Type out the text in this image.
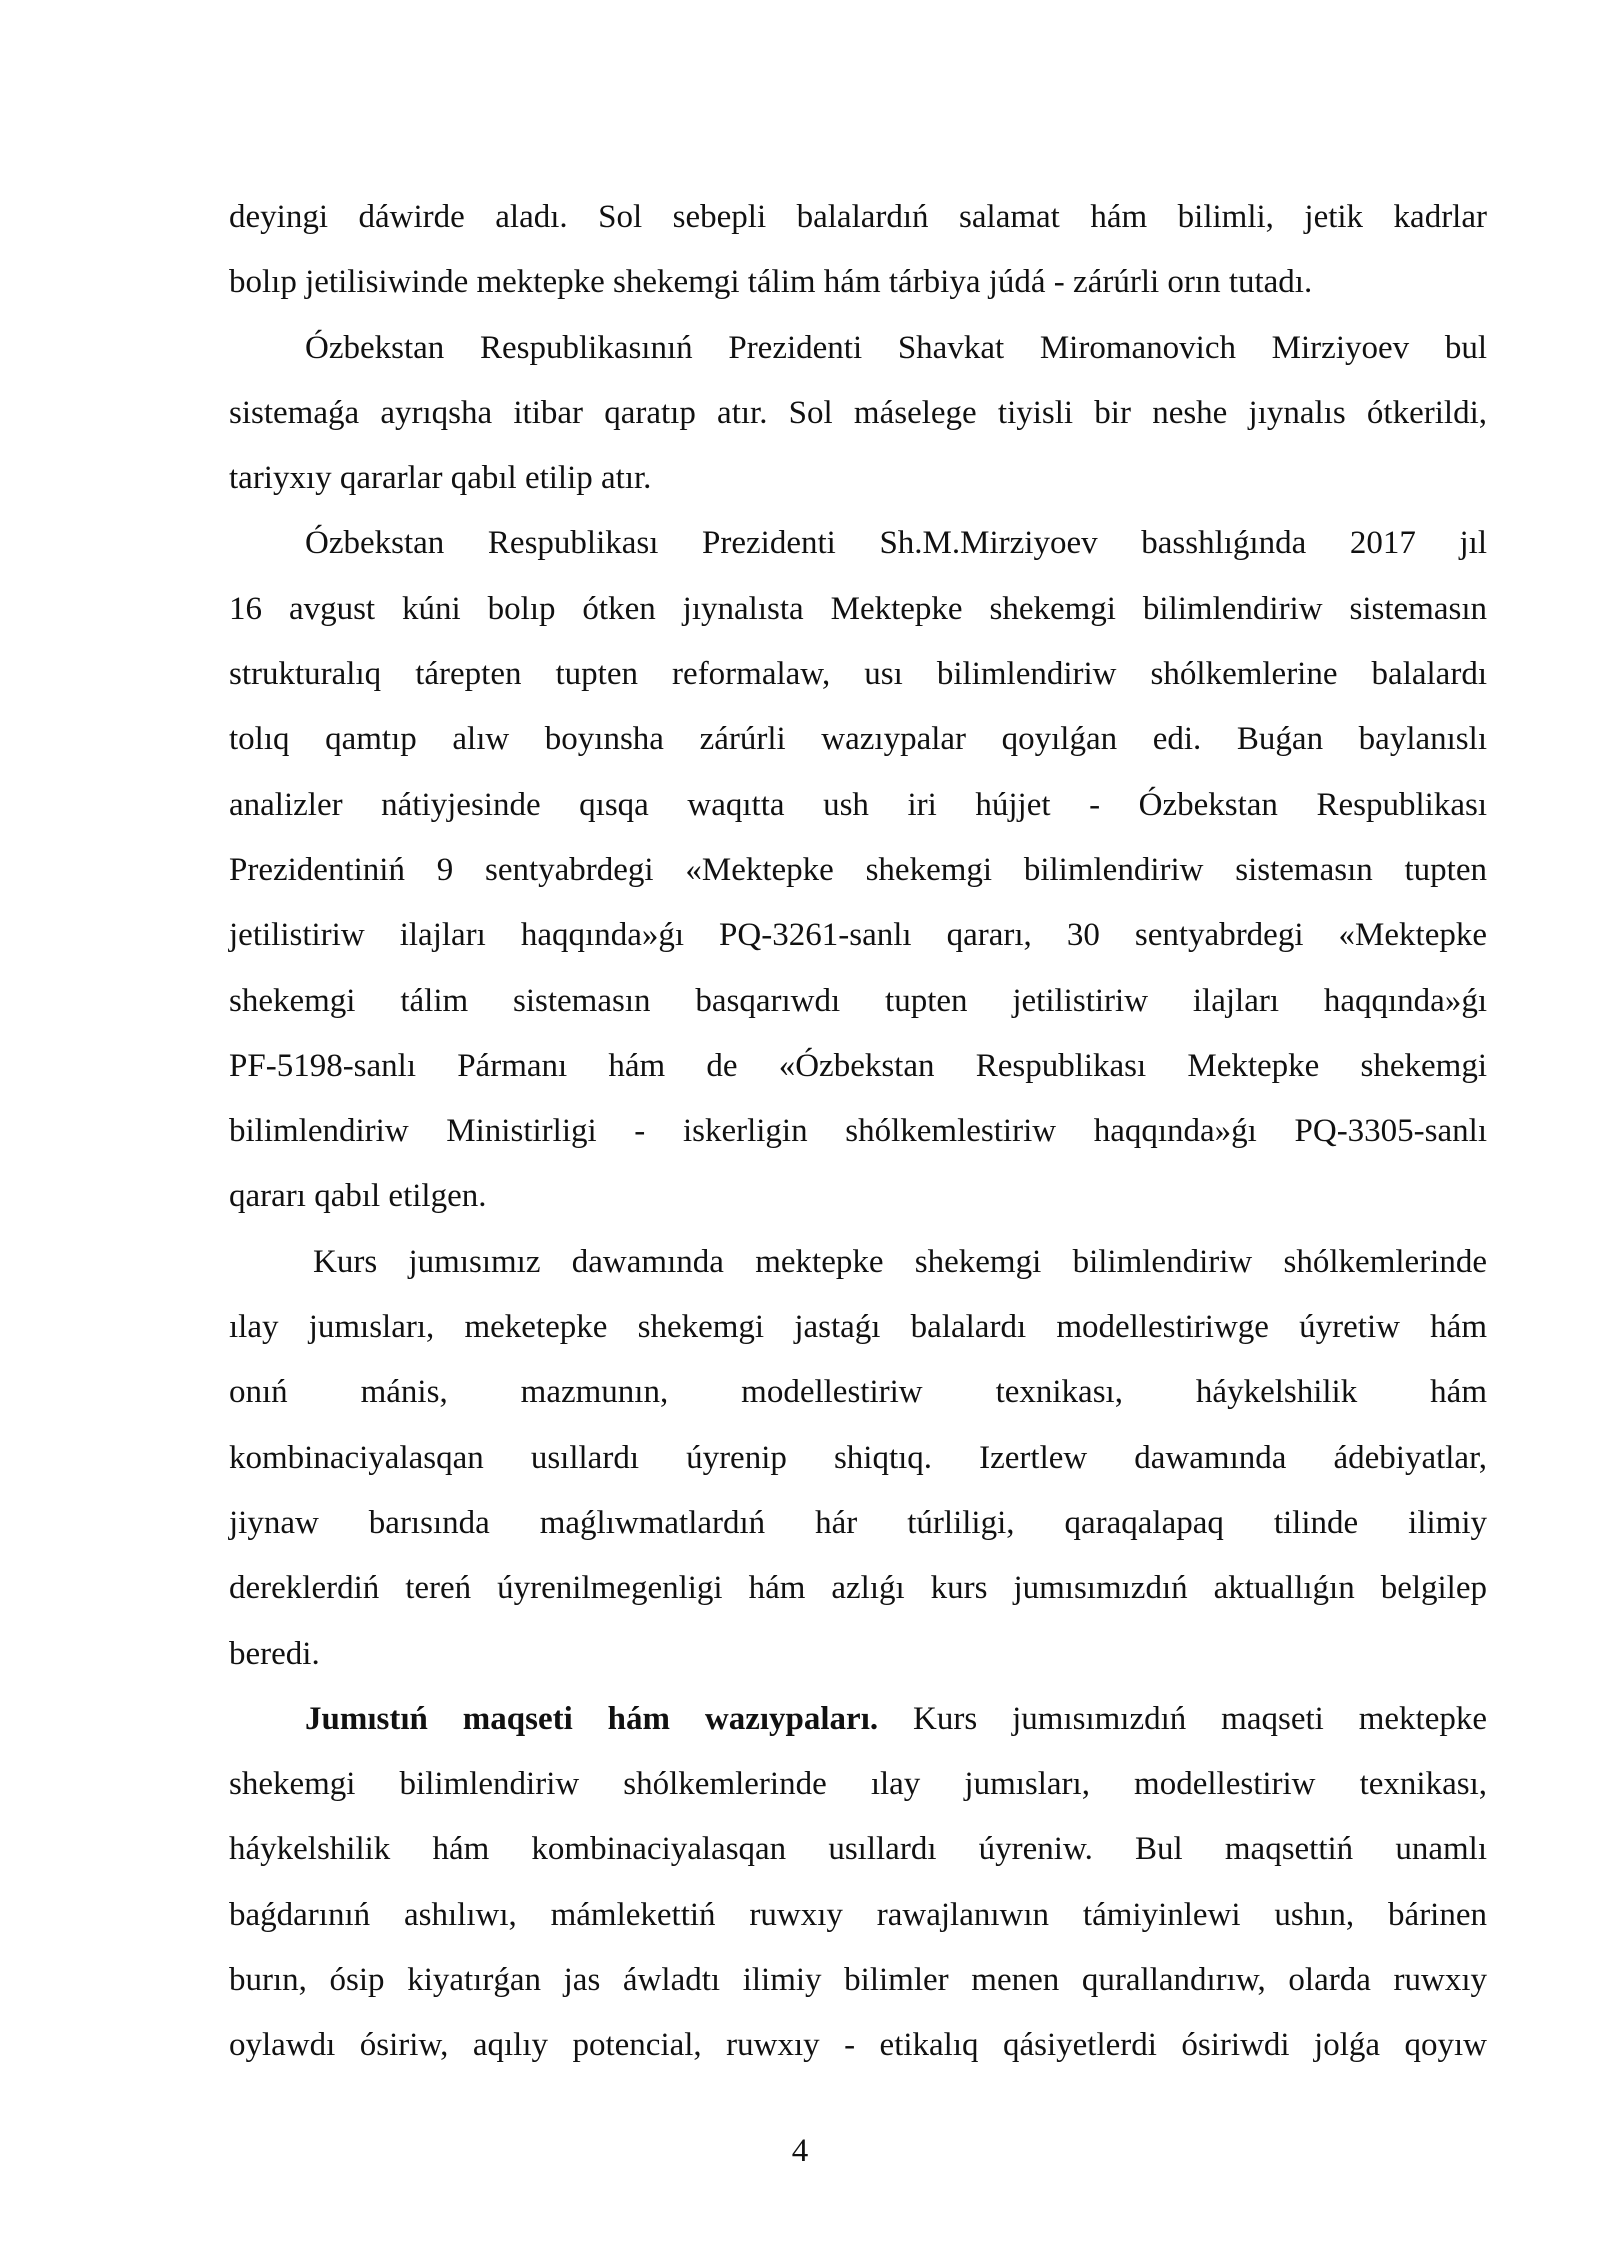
deyingi dáwirde aladı. Sol sebepli balalardıń salamat hám bilimli, jetik kadrlar
bolıp jetilisiwinde mektepke shekemgi tálim hám tárbiya júdá - zárúrli orın tutadı.

Ózbekstan Respublikasınıń Prezidenti Shavkat Miromanovich Mirziyoev bul
sistemaǵa ayrıqsha itibar qaratıp atır. Sol máselege tiyisli bir neshe jıynalıs ótkerildi,
tariyxıy qararlar qabıl etilip atır.

Ózbekstan Respublikası Prezidenti Sh.M.Mirziyoev basshlıǵında 2017 jıl
16 avgust kúni bolıp ótken jıynalısta Mektepke shekemgi bilimlendiriw sistemasın
strukturalıq tárepten tupten reformalaw, usı bilimlendiriw shólkemlerine balalardı
tolıq qamtıp alıw boyınsha zárúrli wazıypalar qoyılǵan edi. Buǵan baylanıslı
analizler nátiyjesinde qısqa waqıtta ush iri hújjet - Ózbekstan Respublikası
Prezidentiniń 9 sentyabrdegi «Mektepke shekemgi bilimlendiriw sistemasın tupten
jetilistiriw ilajları haqqında»ǵı PQ-3261-sanlı qararı, 30 sentyabrdegi «Mektepke
shekemgi tálim sistemasın basqarıwdı tupten jetilistiriw ilajları haqqında»ǵı
PF-5198-sanlı Pármanı hám de «Ózbekstan Respublikası Mektepke shekemgi
bilimlendiriw Ministirligi - iskerligin shólkemlestiriw haqqında»ǵı PQ-3305-sanlı
qararı qabıl etilgen.

Kurs jumısımız dawamında mektepke shekemgi bilimlendiriw shólkemlerinde
ılay jumısları, meketepke shekemgi jastaǵı balalardı modellestiriwge úyretiw hám
onıń mánis, mazmunın, modellestiriw texnikası, háykelshilik hám
kombinaciyalasqan usıllardı úyrenip shiqtıq. Izertlew dawamında ádebiyatlar,
jiynaw barısında maǵlıwmatlardıń hár túrliligi, qaraqalapaq tilinde ilimiy
dereklerdiń tereń úyrenilmegenligi hám azlıǵı kurs jumısımızdıń aktuallıǵın belgilep
beredi.

Jumıstıń maqseti hám wazıypaları. Kurs jumısımızdıń maqseti mektepke
shekemgi bilimlendiriw shólkemlerinde ılay jumısları, modellestiriw texnikası,
háykelshilik hám kombinaciyalasqan usıllardı úyreniw. Bul maqsettiń unamlı
baǵdarınıń ashılıwı, mámlekettiń ruwxıy rawajlanıwın támiyinlewi ushın, bárinen
burın, ósip kiyatırǵan jas áwladtı ilimiy bilimler menen qurallandırıw, olarda ruwxıy
oylawdı ósiriw, aqılıy potencial, ruwxıy - etikalıq qásiyetlerdi ósiriwdi jolǵa qoyıw

4
